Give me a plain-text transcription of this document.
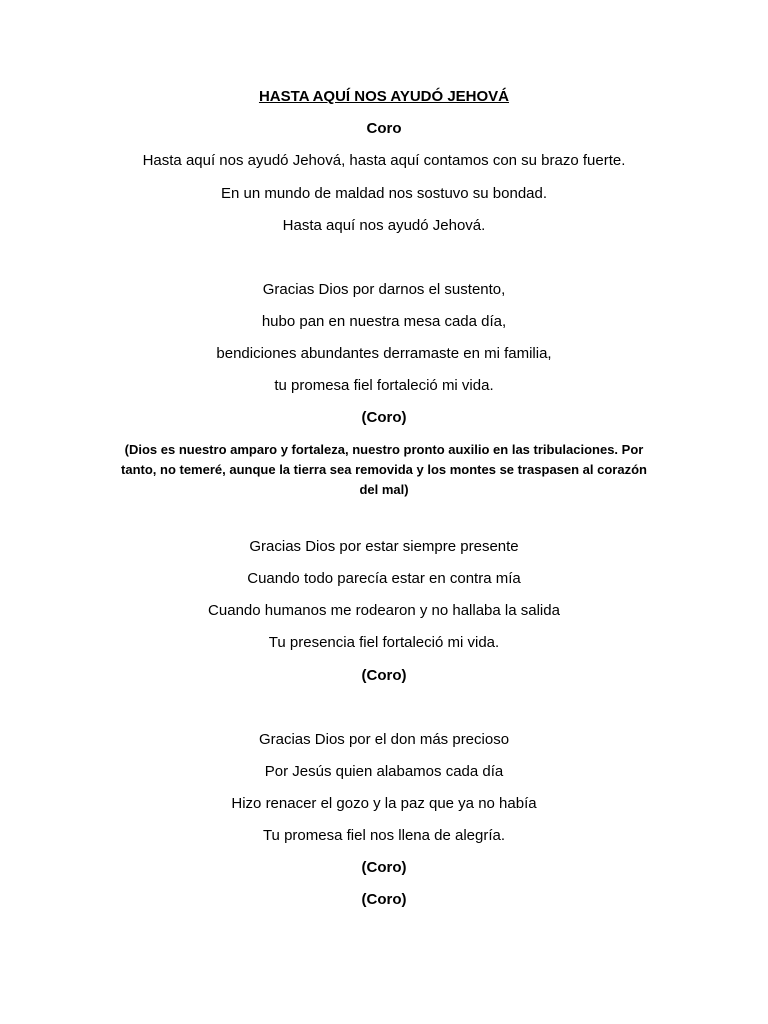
HASTA AQUÍ NOS AYUDÓ JEHOVÁ
Coro
Hasta aquí nos ayudó Jehová, hasta aquí contamos con su brazo fuerte.
En un mundo de maldad nos sostuvo su bondad.
Hasta aquí nos ayudó Jehová.
Gracias Dios por darnos el sustento,
hubo pan en nuestra mesa cada día,
bendiciones abundantes derramaste en mi familia,
tu promesa fiel fortaleció mi vida.
(Coro)
(Dios es nuestro amparo y fortaleza, nuestro pronto auxilio en las tribulaciones. Por
tanto, no temeré, aunque la tierra sea removida y los montes se traspasen al corazón
del mal)
Gracias Dios por estar siempre presente
Cuando todo parecía estar en contra mía
Cuando humanos me rodearon y no hallaba la salida
Tu presencia fiel fortaleció mi vida.
(Coro)
Gracias Dios por el don más precioso
Por Jesús quien alabamos cada día
Hizo renacer el gozo y la paz que ya no había
Tu promesa fiel nos llena de alegría.
(Coro)
(Coro)
